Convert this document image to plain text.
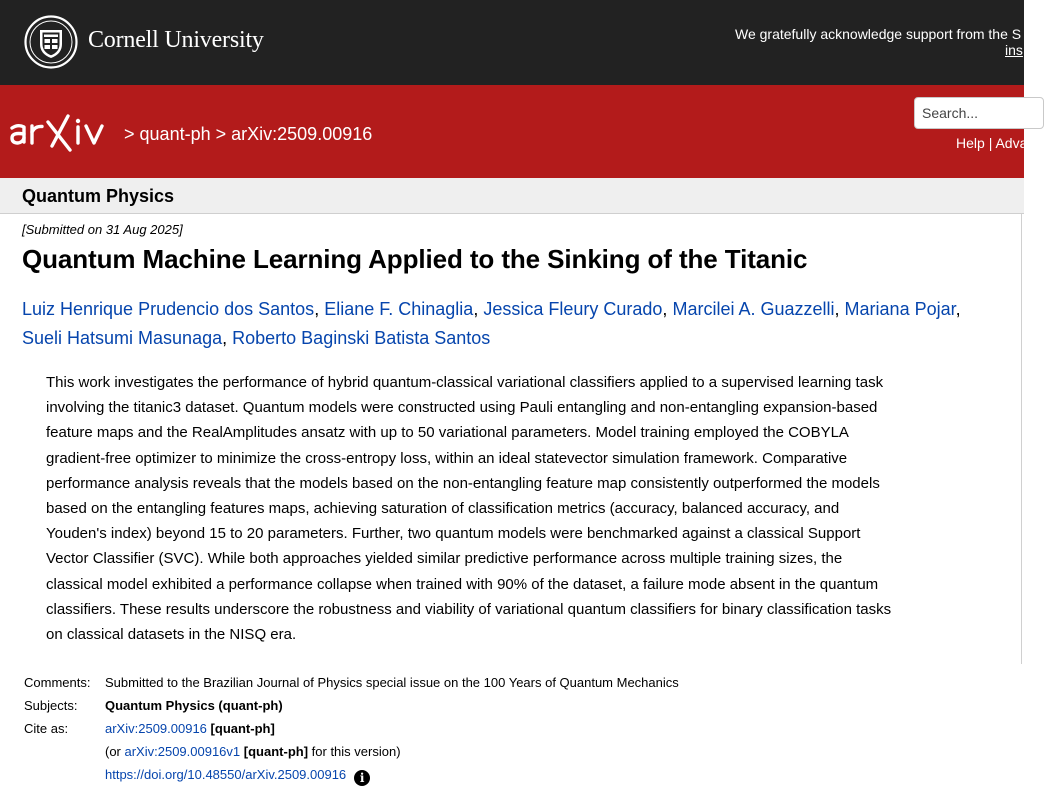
Cornell University	We gratefully acknowledge support from the S
ins
> quant-ph > arXiv:2509.00916
Search...	Help | Adva
Quantum Physics
[Submitted on 31 Aug 2025]
Quantum Machine Learning Applied to the Sinking of the Titanic
Luiz Henrique Prudencio dos Santos, Eliane F. Chinaglia, Jessica Fleury Curado, Marcilei A. Guazzelli, Mariana Pojar,
Sueli Hatsumi Masunaga, Roberto Baginski Batista Santos
This work investigates the performance of hybrid quantum-classical variational classifiers applied to a supervised learning task
involving the titanic3 dataset. Quantum models were constructed using Pauli entangling and non-entangling expansion-based
feature maps and the RealAmplitudes ansatz with up to 50 variational parameters. Model training employed the COBYLA
gradient-free optimizer to minimize the cross-entropy loss, within an ideal statevector simulation framework. Comparative
performance analysis reveals that the models based on the non-entangling feature map consistently outperformed the models
based on the entangling features maps, achieving saturation of classification metrics (accuracy, balanced accuracy, and
Youden's index) beyond 15 to 20 parameters. Further, two quantum models were benchmarked against a classical Support
Vector Classifier (SVC). While both approaches yielded similar predictive performance across multiple training sizes, the
classical model exhibited a performance collapse when trained with 90% of the dataset, a failure mode absent in the quantum
classifiers. These results underscore the robustness and viability of variational quantum classifiers for binary classification tasks
on classical datasets in the NISQ era.
Comments: Submitted to the Brazilian Journal of Physics special issue on the 100 Years of Quantum Mechanics
Subjects: Quantum Physics (quant-ph)
Cite as:	arXiv:2509.00916 [quant-ph]
(or arXiv:2509.00916v1 [quant-ph] for this version)
https://doi.org/10.48550/arXiv.2509.00916 i
